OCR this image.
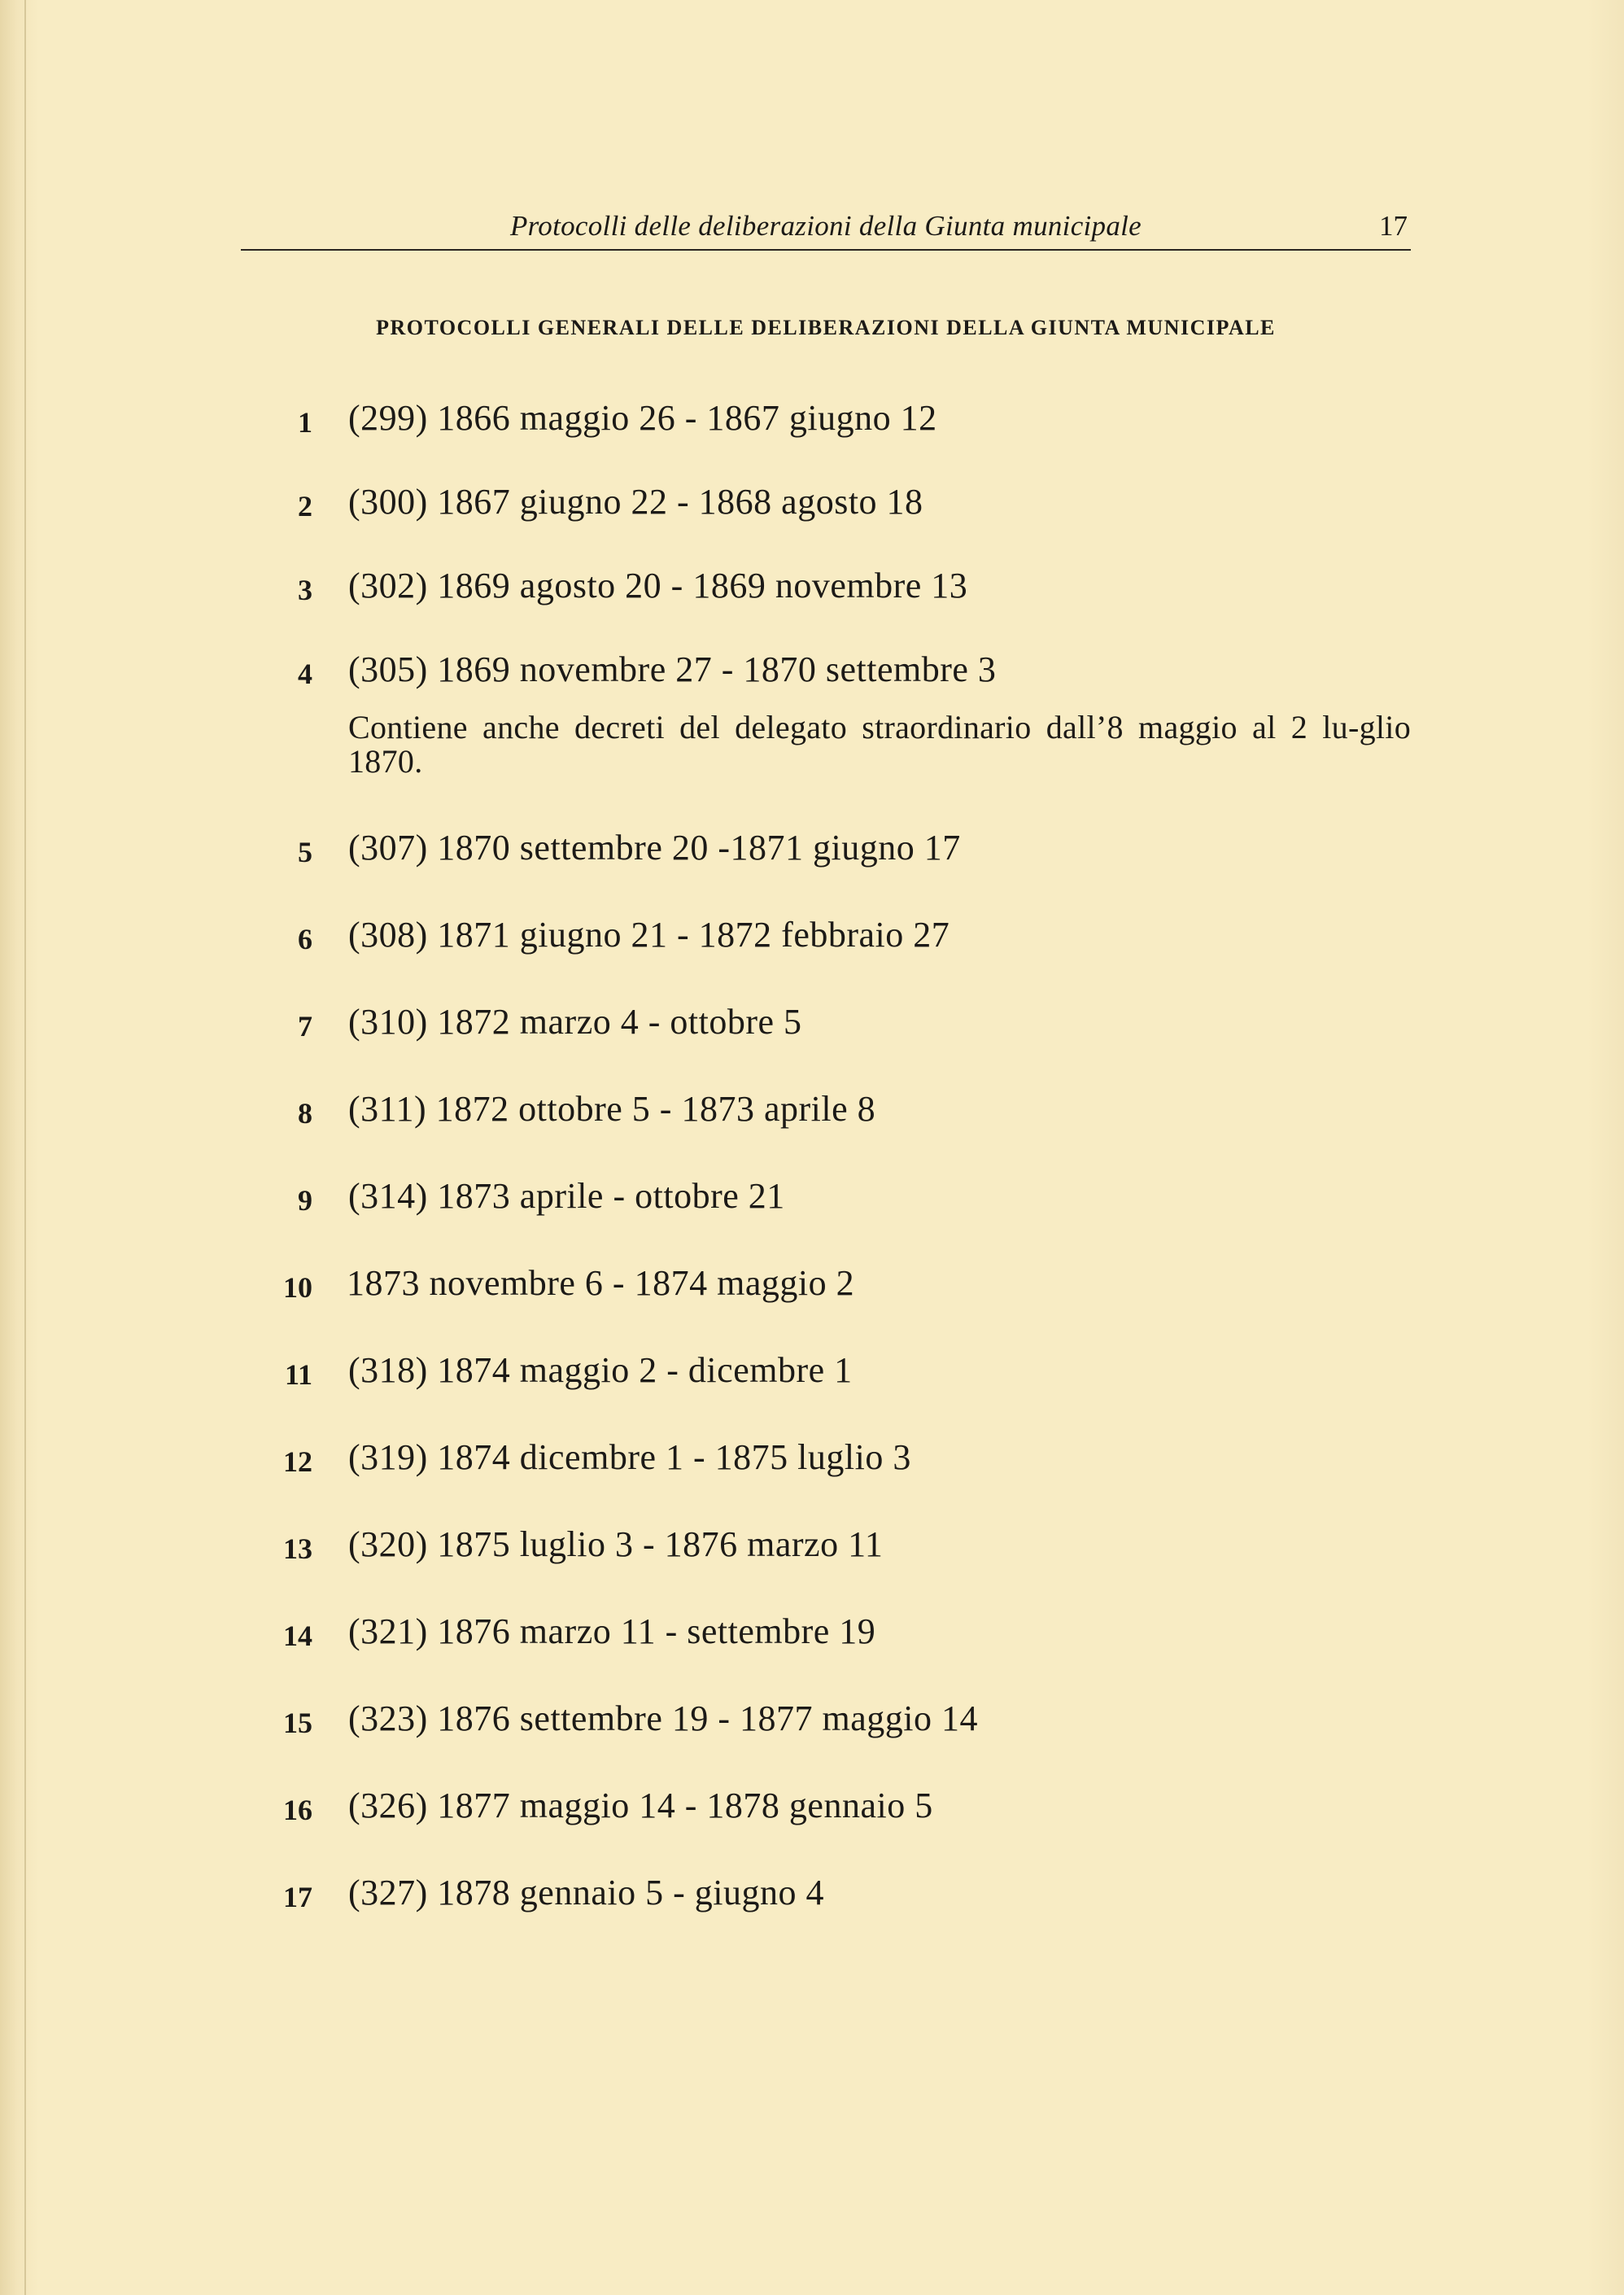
Protocolli delle deliberazioni della Giunta municipale	17
PROTOCOLLI GENERALI DELLE DELIBERAZIONI DELLA GIUNTA MUNICIPALE
1 (299) 1866 maggio 26 - 1867 giugno 12
2 (300) 1867 giugno 22 - 1868 agosto 18
3 (302) 1869 agosto 20 - 1869 novembre 13
4 (305) 1869 novembre 27 - 1870 settembre 3
Contiene anche decreti del delegato straordinario dall’8 maggio al 2 lu-glio 1870.
5 (307) 1870 settembre 20 -1871 giugno 17
6 (308) 1871 giugno 21 - 1872 febbraio 27
7 (310) 1872 marzo 4 - ottobre 5
8 (311) 1872 ottobre 5 - 1873 aprile 8
9 (314) 1873 aprile - ottobre 21
10 1873 novembre 6 - 1874 maggio 2
11 (318) 1874 maggio 2 - dicembre 1
12 (319) 1874 dicembre 1 - 1875 luglio 3
13 (320) 1875 luglio 3 - 1876 marzo 11
14 (321) 1876 marzo 11 - settembre 19
15 (323) 1876 settembre 19 - 1877 maggio 14
16 (326) 1877 maggio 14 - 1878 gennaio 5
17 (327) 1878 gennaio 5 - giugno 4
